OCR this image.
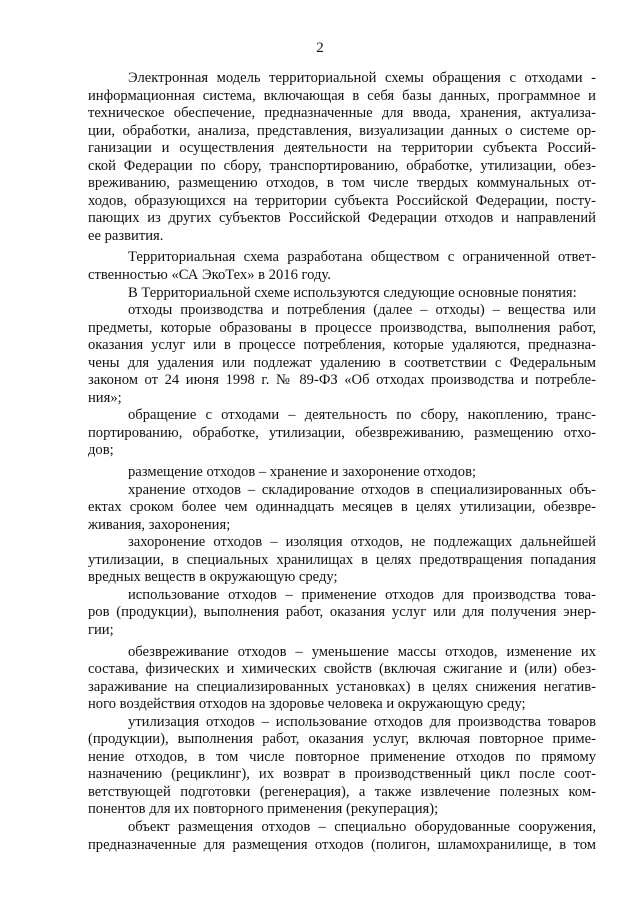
2
Электронная модель территориальной схемы обращения с отходами -
информационная система, включающая в себя базы данных, программное и
техническое обеспечение, предназначенные для ввода, хранения, актуализа-
ции, обработки, анализа, представления, визуализации данных о системе ор-
ганизации и осуществления деятельности на территории субъекта Россий-
ской Федерации по сбору, транспортированию, обработке, утилизации, обез-
вреживанию, размещению отходов, в том числе твердых коммунальных от-
ходов, образующихся на территории субъекта Российской Федерации, посту-
пающих из других субъектов Российской Федерации отходов и направлений
ее развития.
Территориальная схема разработана обществом с ограниченной ответ-
ственностью «СА ЭкоТех» в 2016 году.
В Территориальной схеме используются следующие основные понятия:
отходы производства и потребления (далее – отходы) – вещества или
предметы, которые образованы в процессе производства, выполнения работ,
оказания услуг или в процессе потребления, которые удаляются, предназна-
чены для удаления или подлежат удалению в соответствии с Федеральным
законом от 24 июня 1998 г. № 89-ФЗ «Об отходах производства и потребле-
ния»;
обращение с отходами – деятельность по сбору, накоплению, транс-
портированию, обработке, утилизации, обезвреживанию, размещению отхо-
дов;
размещение отходов – хранение и захоронение отходов;
хранение отходов – складирование отходов в специализированных объ-
ектах сроком более чем одиннадцать месяцев в целях утилизации, обезвре-
живания, захоронения;
захоронение отходов – изоляция отходов, не подлежащих дальнейшей
утилизации, в специальных хранилищах в целях предотвращения попадания
вредных веществ в окружающую среду;
использование отходов – применение отходов для производства това-
ров (продукции), выполнения работ, оказания услуг или для получения энер-
гии;
обезвреживание отходов – уменьшение массы отходов, изменение их
состава, физических и химических свойств (включая сжигание и (или) обез-
зараживание на специализированных установках) в целях снижения негатив-
ного воздействия отходов на здоровье человека и окружающую среду;
утилизация отходов – использование отходов для производства товаров
(продукции), выполнения работ, оказания услуг, включая повторное приме-
нение отходов, в том числе повторное применение отходов по прямому
назначению (рециклинг), их возврат в производственный цикл после соот-
ветствующей подготовки (регенерация), а также извлечение полезных ком-
понентов для их повторного применения (рекуперация);
объект размещения отходов – специально оборудованные сооружения,
предназначенные для размещения отходов (полигон, шламохранилище, в том
